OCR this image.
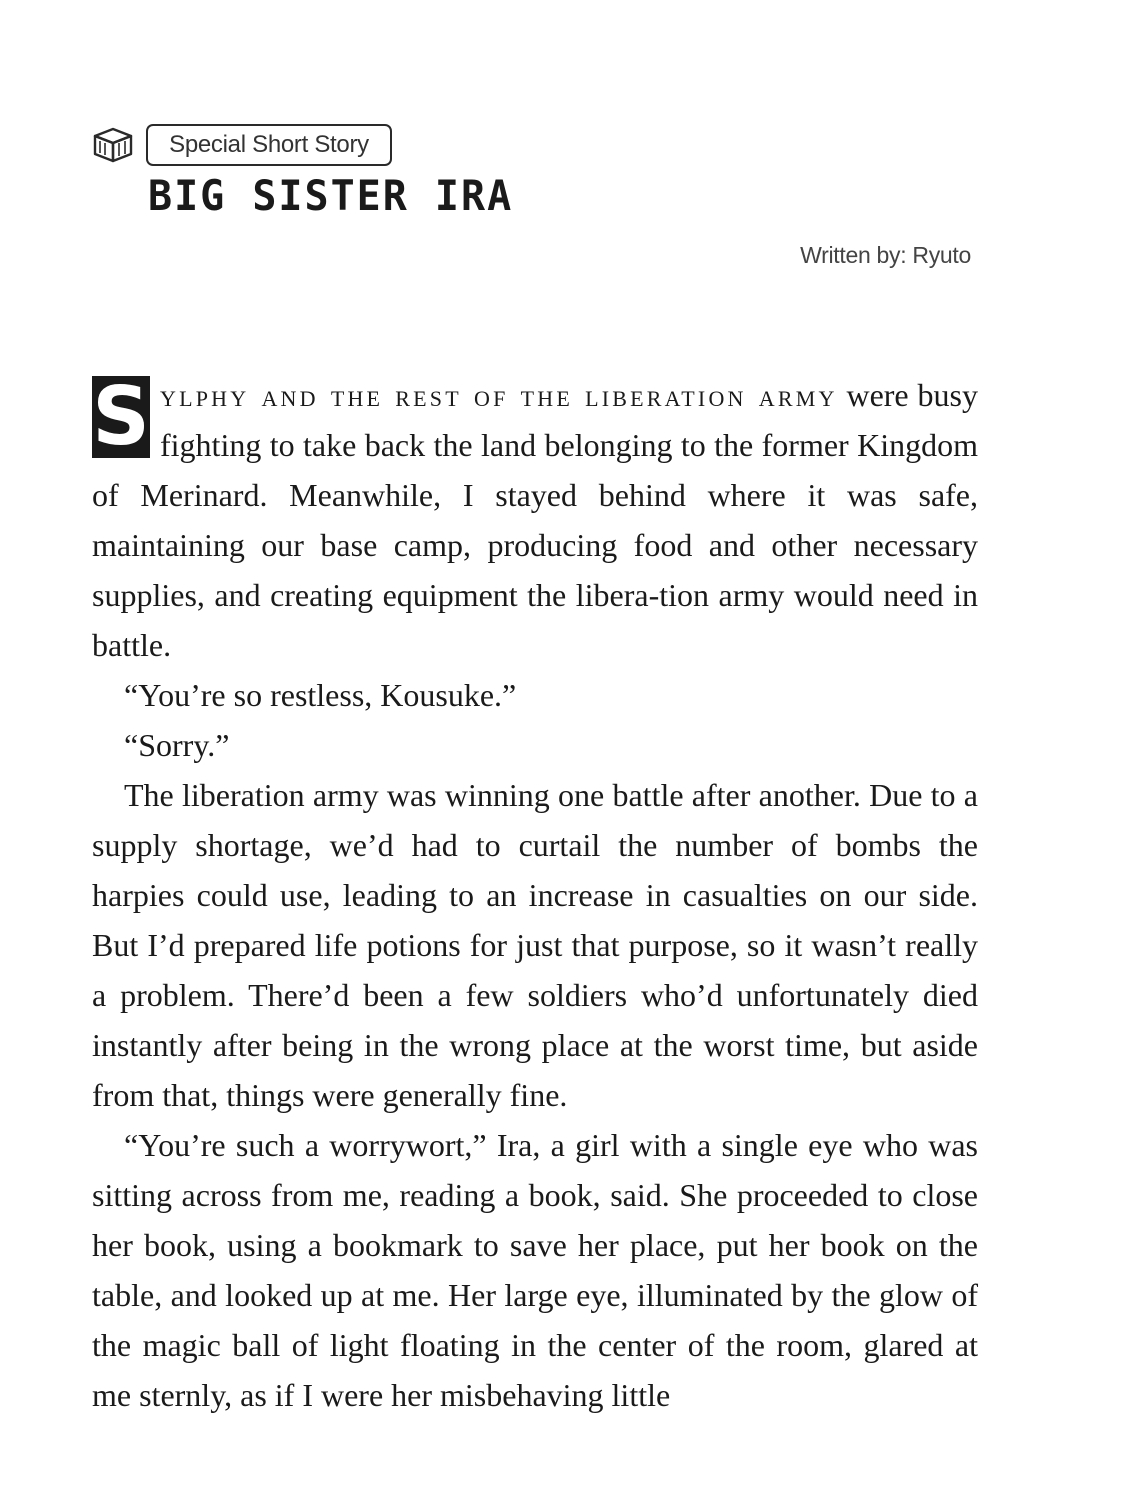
Special Short Story
BIG SISTER IRA
Written by: Ryuto

S ylphy and the rest of the liberation army were busy fighting to take back the land belonging to the former Kingdom of Merinard. Meanwhile, I stayed behind where it was safe, maintaining our base camp, producing food and other necessary supplies, and creating equipment the libera-tion army would need in battle.

“You’re so restless, Kousuke.”

“Sorry.”

The liberation army was winning one battle after another. Due to a supply shortage, we’d had to curtail the number of bombs the harpies could use, leading to an increase in casualties on our side. But I’d prepared life potions for just that purpose, so it wasn’t really a problem. There’d been a few soldiers who’d unfortunately died instantly after being in the wrong place at the worst time, but aside from that, things were generally fine.

“You’re such a worrywort,” Ira, a girl with a single eye who was sitting across from me, reading a book, said. She proceeded to close her book, using a bookmark to save her place, put her book on the table, and looked up at me. Her large eye, illuminated by the glow of the magic ball of light floating in the center of the room, glared at me sternly, as if I were her misbehaving little
